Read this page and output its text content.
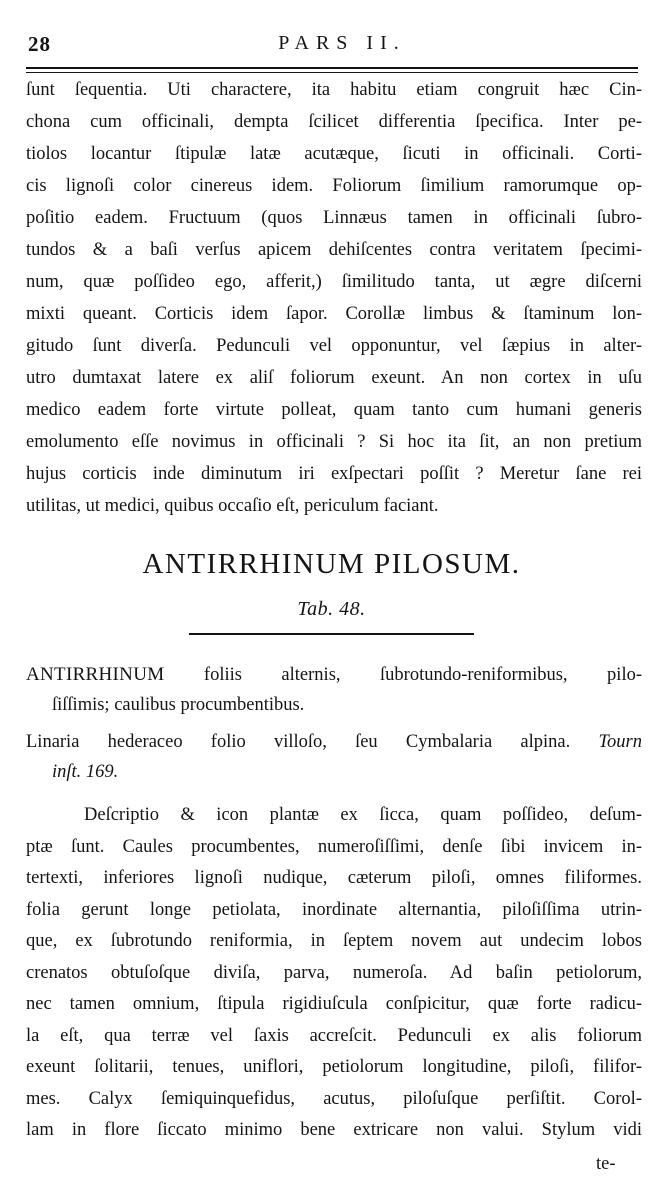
28	PARS II.
ſunt ſequentia. Uti charactere, ita habitu etiam congruit hæc Cin-
chona cum officinali, dempta ſcilicet differentia ſpecifica. Inter pe-
tiolos locantur ſtipulæ latæ acutæque, ſicuti in officinali. Corti-
cis lignoſi color cinereus idem. Foliorum ſimilium ramorumque op-
poſitio eadem. Fructuum (quos Linnæus tamen in officinali ſubro-
tundos & a baſi verſus apicem dehiſcentes contra veritatem ſpecimi-
num, quæ poſſideo ego, afferit,) ſimilitudo tanta, ut ægre diſcerni
mixti queant. Corticis idem ſapor. Corollæ limbus & ſtaminum lon-
gitudo ſunt diverſa. Pedunculi vel opponuntur, vel ſæpius in alter-
utro dumtaxat latere ex aliſ foliorum exeunt. An non cortex in uſu
medico eadem forte virtute polleat, quam tanto cum humani generis
emolumento eſſe novimus in officinali ? Si hoc ita ſit, an non pretium
hujus corticis inde diminutum iri exſpectari poſſit ? Meretur ſane rei
utilitas, ut medici, quibus occaſio eſt, periculum faciant.
ANTIRRHINUM PILOSUM.
Tab. 48.
ANTIRRHINUM foliis alternis, ſubrotundo-reniformibus, pilo-
ſiſſimis; caulibus procumbentibus.
Linaria hederaceo folio villoſo, ſeu Cymbalaria alpina. Tourn
inſt. 169.
Deſcriptio & icon plantæ ex ſicca, quam poſſideo, deſum-
ptæ ſunt. Caules procumbentes, numeroſiſſimi, denſe ſibi invicem in-
tertexti, inferiores lignoſi nudique, cæterum piloſi, omnes filiformes.
folia gerunt longe petiolata, inordinate alternantia, piloſiſſima utrin-
que, ex ſubrotundo reniformia, in ſeptem novem aut undecim lobos
crenatos obtuſoſque diviſa, parva, numeroſa. Ad baſin petiolorum,
nec tamen omnium, ſtipula rigidiuſcula conſpicitur, quæ forte radicu-
la eſt, qua terræ vel ſaxis accreſcit. Pedunculi ex alis foliorum
exeunt ſolitarii, tenues, uniflori, petiolorum longitudine, piloſi, filifor-
mes. Calyx ſemiquinquefidus, acutus, piloſuſque perſiſtit. Corol-
lam in flore ſiccato minimo bene extricare non valui. Stylum vidi
te-
